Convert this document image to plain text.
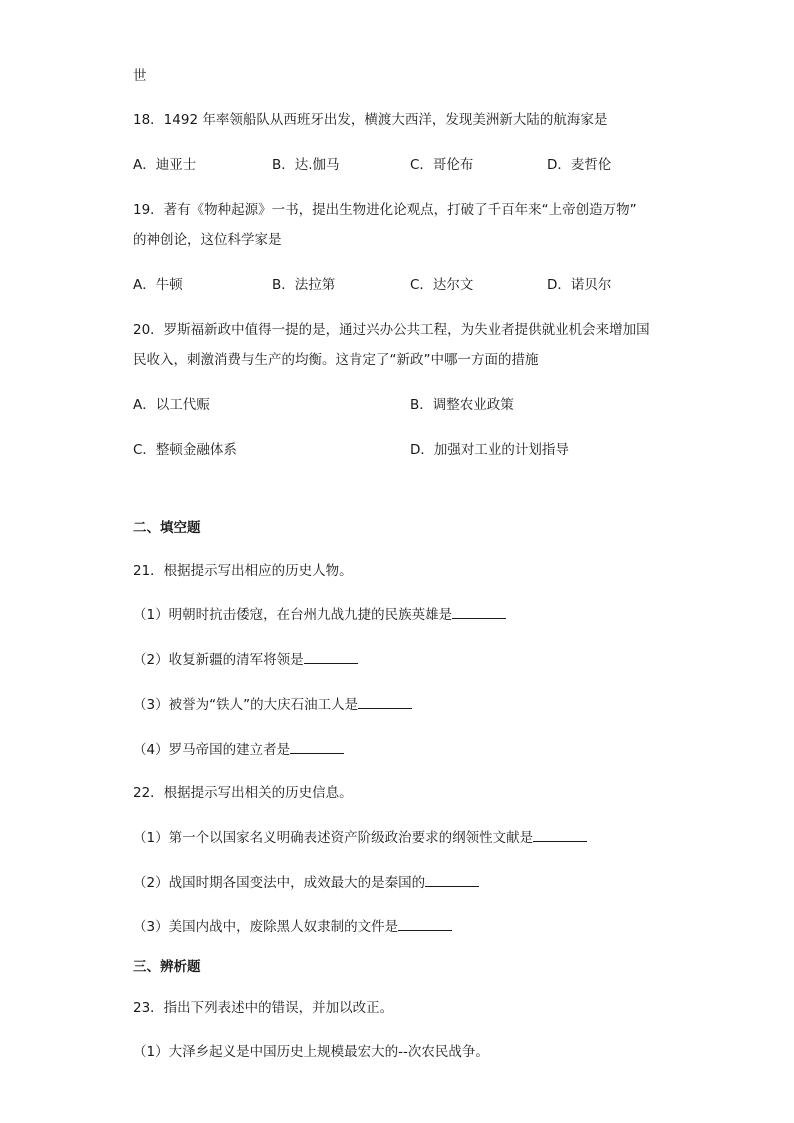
世
18．1492 年率领船队从西班牙出发，横渡大西洋，发现美洲新大陆的航海家是
A．迪亚士	B．达.伽马	C．哥伦布	D．麦哲伦
19．著有《物种起源》一书，提出生物进化论观点，打破了千百年来“上帝创造万物”
的神创论，这位科学家是
A．牛顿	B．法拉第	C．达尔文	D．诺贝尔
20．罗斯福新政中值得一提的是，通过兴办公共工程，为失业者提供就业机会来增加国
民收入，刺激消费与生产的均衡。这肯定了“新政”中哪一方面的措施
A．以工代赈	B．调整农业政策
C．整顿金融体系	D．加强对工业的计划指导
二、填空题
21．根据提示写出相应的历史人物。
（1）明朝时抗击倭寇，在台州九战九捷的民族英雄是
（2）收复新疆的清军将领是
（3）被誉为“铁人”的大庆石油工人是
（4）罗马帝国的建立者是
22．根据提示写出相关的历史信息。
（1）第一个以国家名义明确表述资产阶级政治要求的纲领性文献是
（2）战国时期各国变法中，成效最大的是秦国的
（3）美国内战中，废除黑人奴隶制的文件是
三、辨析题
23．指出下列表述中的错误，并加以改正。
（1）大泽乡起义是中国历史上规模最宏大的--次农民战争。
